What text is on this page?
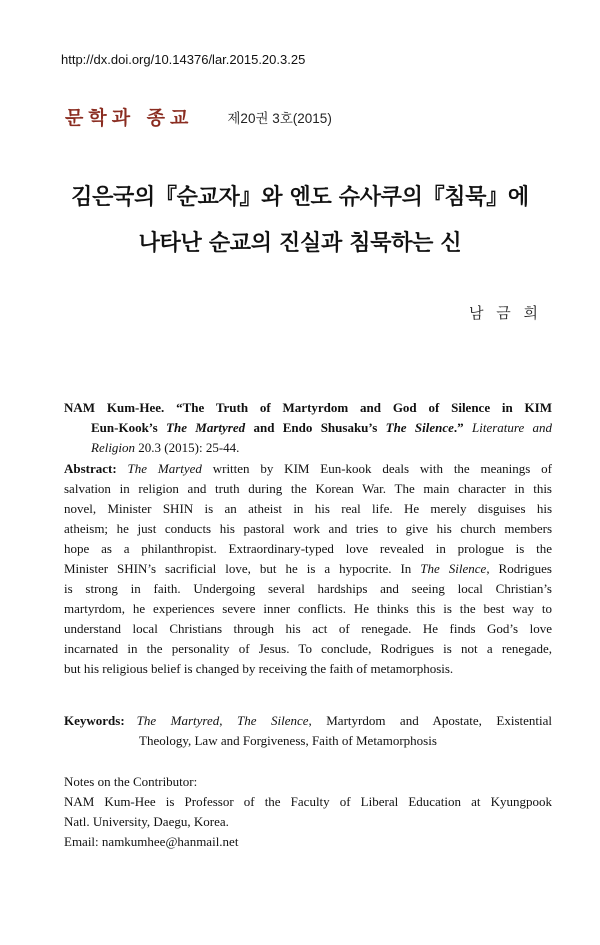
http://dx.doi.org/10.14376/lar.2015.20.3.25
문학과 종교	제20권 3호(2015)
김은국의『순교자』와 엔도 슈사쿠의『침묵』에
나타난 순교의 진실과 침묵하는 신
남 금 희
NAM Kum-Hee. “The Truth of Martyrdom and God of Silence in KIM
Eun-Kook’s The Martyred and Endo Shusaku’s The Silence.” Literature and
Religion 20.3 (2015): 25-44.
Abstract: The Martyed written by KIM Eun-kook deals with the meanings of
salvation in religion and truth during the Korean War. The main character in this
novel, Minister SHIN is an atheist in his real life. He merely disguises his
atheism; he just conducts his pastoral work and tries to give his church members
hope as a philanthropist. Extraordinary-typed love revealed in prologue is the
Minister SHIN’s sacrificial love, but he is a hypocrite. In The Silence, Rodrigues
is strong in faith. Undergoing several hardships and seeing local Christian’s
martyrdom, he experiences severe inner conflicts. He thinks this is the best way to
understand local Christians through his act of renegade. He finds God’s love
incarnated in the personality of Jesus. To conclude, Rodrigues is not a renegade,
but his religious belief is changed by receiving the faith of metamorphosis.
Keywords: The Martyred, The Silence, Martyrdom and Apostate, Existential
Theology, Law and Forgiveness, Faith of Metamorphosis
Notes on the Contributor:
NAM Kum-Hee is Professor of the Faculty of Liberal Education at Kyungpook
Natl. University, Daegu, Korea.
Email: namkumhee@hanmail.net
